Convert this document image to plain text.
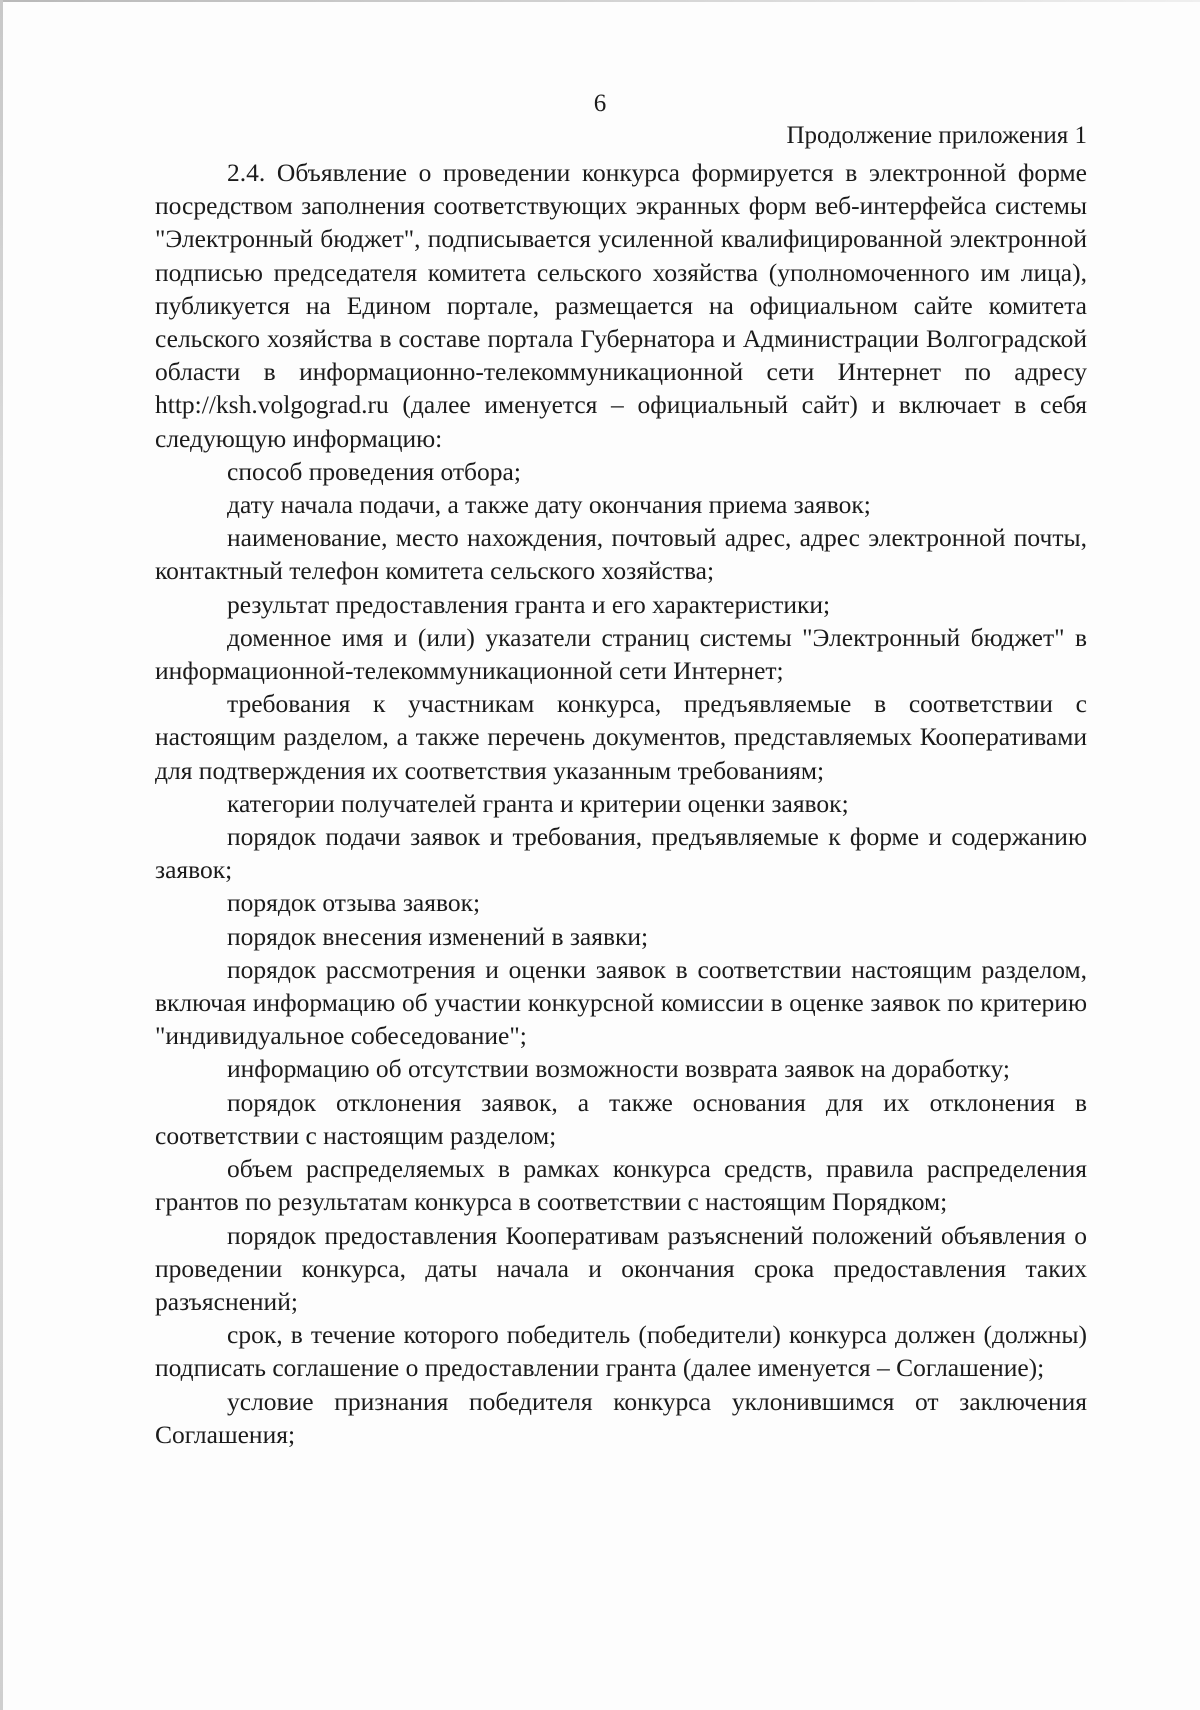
6
Продолжение приложения 1

2.4. Объявление о проведении конкурса формируется в электронной форме посредством заполнения соответствующих экранных форм веб-интерфейса системы "Электронный бюджет", подписывается усиленной квалифицированной электронной подписью председателя комитета сельского хозяйства (уполномоченного им лица), публикуется на Едином портале, размещается на официальном сайте комитета сельского хозяйства в составе портала Губернатора и Администрации Волгоградской области в информационно-телекоммуникационной сети Интернет по адресу http://ksh.volgograd.ru (далее именуется – официальный сайт) и включает в себя следующую информацию:

способ проведения отбора;

дату начала подачи, а также дату окончания приема заявок;

наименование, место нахождения, почтовый адрес, адрес электронной почты, контактный телефон комитета сельского хозяйства;

результат предоставления гранта и его характеристики;

доменное имя и (или) указатели страниц системы "Электронный бюджет" в информационной-телекоммуникационной сети Интернет;

требования к участникам конкурса, предъявляемые в соответствии с настоящим разделом, а также перечень документов, представляемых Кооперативами для подтверждения их соответствия указанным требованиям;

категории получателей гранта и критерии оценки заявок;

порядок подачи заявок и требования, предъявляемые к форме и содержанию заявок;

порядок отзыва заявок;

порядок внесения изменений в заявки;

порядок рассмотрения и оценки заявок в соответствии настоящим разделом, включая информацию об участии конкурсной комиссии в оценке заявок по критерию "индивидуальное собеседование";

информацию об отсутствии возможности возврата заявок на доработку;

порядок отклонения заявок, а также основания для их отклонения в соответствии с настоящим разделом;

объем распределяемых в рамках конкурса средств, правила распределения грантов по результатам конкурса в соответствии с настоящим Порядком;

порядок предоставления Кооперативам разъяснений положений объявления о проведении конкурса, даты начала и окончания срока предоставления таких разъяснений;

срок, в течение которого победитель (победители) конкурса должен (должны) подписать соглашение о предоставлении гранта (далее именуется – Соглашение);

условие признания победителя конкурса уклонившимся от заключения Соглашения;
